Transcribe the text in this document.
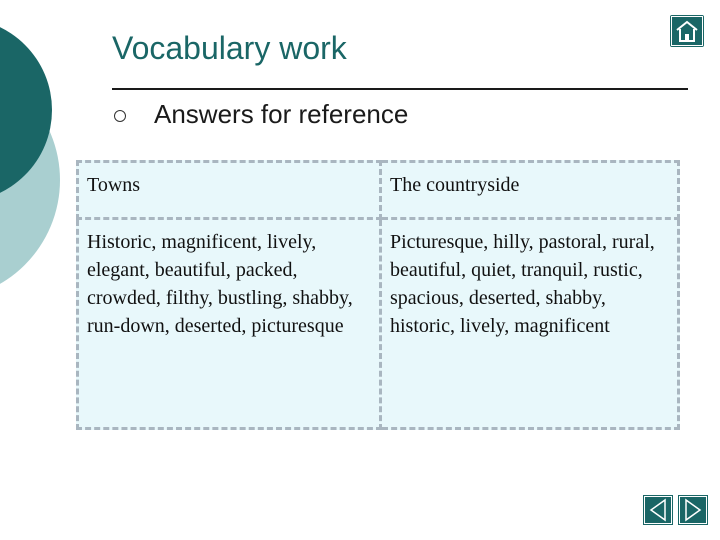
Vocabulary work
Answers for reference
Towns	The countryside
Historic, magnificent, lively, elegant, beautiful, packed, crowded, filthy, bustling, shabby, run-down, deserted, picturesque	Picturesque, hilly, pastoral, rural, beautiful, quiet, tranquil, rustic, spacious, deserted, shabby, historic, lively, magnificent
